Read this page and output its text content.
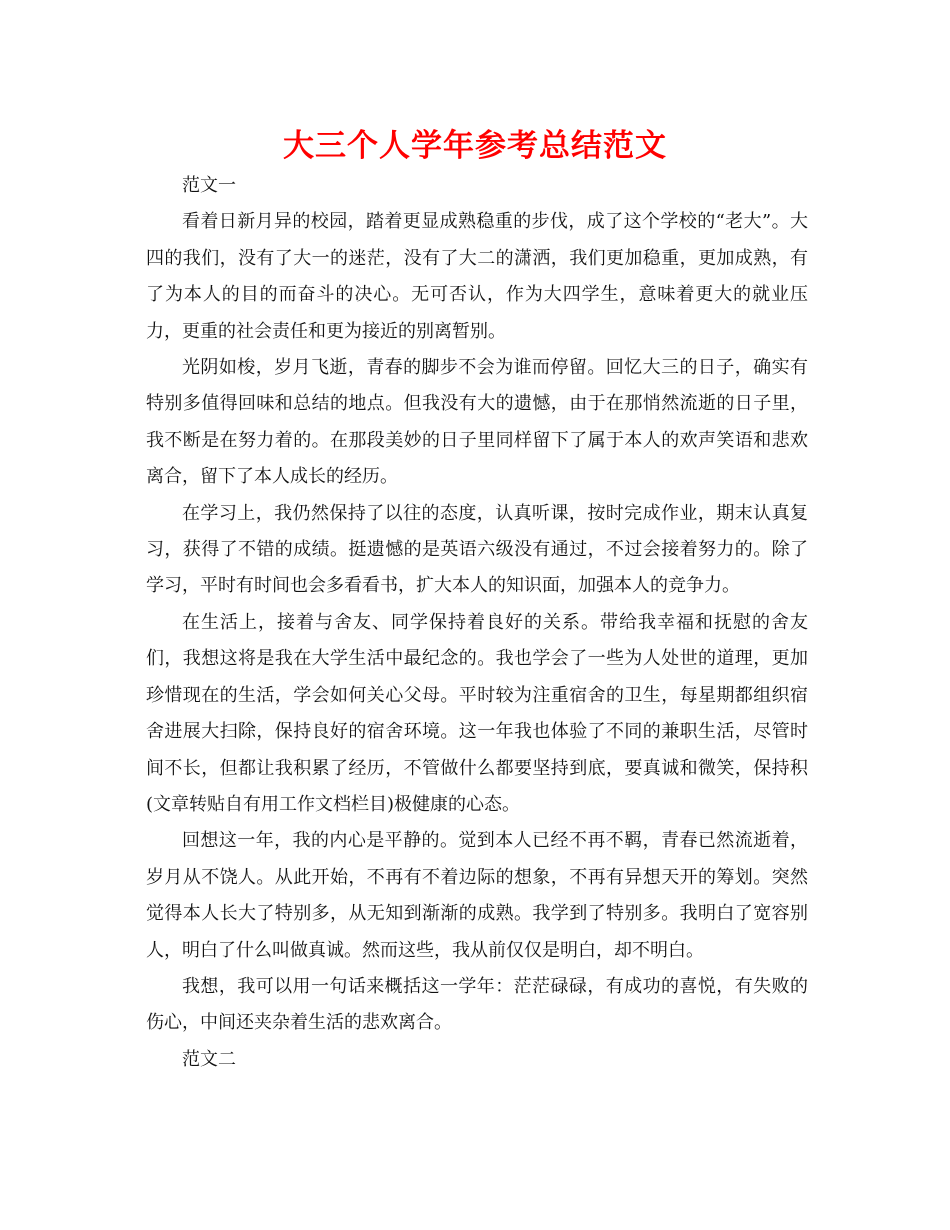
大三个人学年参考总结范文

范文一

看着日新月异的校园，踏着更显成熟稳重的步伐，成了这个学校的“老大”。大四的我们，没有了大一的迷茫，没有了大二的潇洒，我们更加稳重，更加成熟，有了为本人的目的而奋斗的决心。无可否认，作为大四学生，意味着更大的就业压力，更重的社会责任和更为接近的别离暂别。

光阴如梭，岁月飞逝，青春的脚步不会为谁而停留。回忆大三的日子，确实有特别多值得回味和总结的地点。但我没有大的遗憾，由于在那悄然流逝的日子里，我不断是在努力着的。在那段美妙的日子里同样留下了属于本人的欢声笑语和悲欢离合，留下了本人成长的经历。

在学习上，我仍然保持了以往的态度，认真听课，按时完成作业，期末认真复习，获得了不错的成绩。挺遗憾的是英语六级没有通过，不过会接着努力的。除了学习，平时有时间也会多看看书，扩大本人的知识面，加强本人的竞争力。

在生活上，接着与舍友、同学保持着良好的关系。带给我幸福和抚慰的舍友们，我想这将是我在大学生活中最纪念的。我也学会了一些为人处世的道理，更加珍惜现在的生活，学会如何关心父母。平时较为注重宿舍的卫生，每星期都组织宿舍进展大扫除，保持良好的宿舍环境。这一年我也体验了不同的兼职生活，尽管时间不长，但都让我积累了经历，不管做什么都要坚持到底，要真诚和微笑，保持积(文章转贴自有用工作文档栏目)极健康的心态。

回想这一年，我的内心是平静的。觉到本人已经不再不羁，青春已然流逝着，岁月从不饶人。从此开始，不再有不着边际的想象，不再有异想天开的筹划。突然觉得本人长大了特别多，从无知到渐渐的成熟。我学到了特别多。我明白了宽容别人，明白了什么叫做真诚。然而这些，我从前仅仅是明白，却不明白。

我想，我可以用一句话来概括这一学年：茫茫碌碌，有成功的喜悦，有失败的伤心，中间还夹杂着生活的悲欢离合。

范文二
